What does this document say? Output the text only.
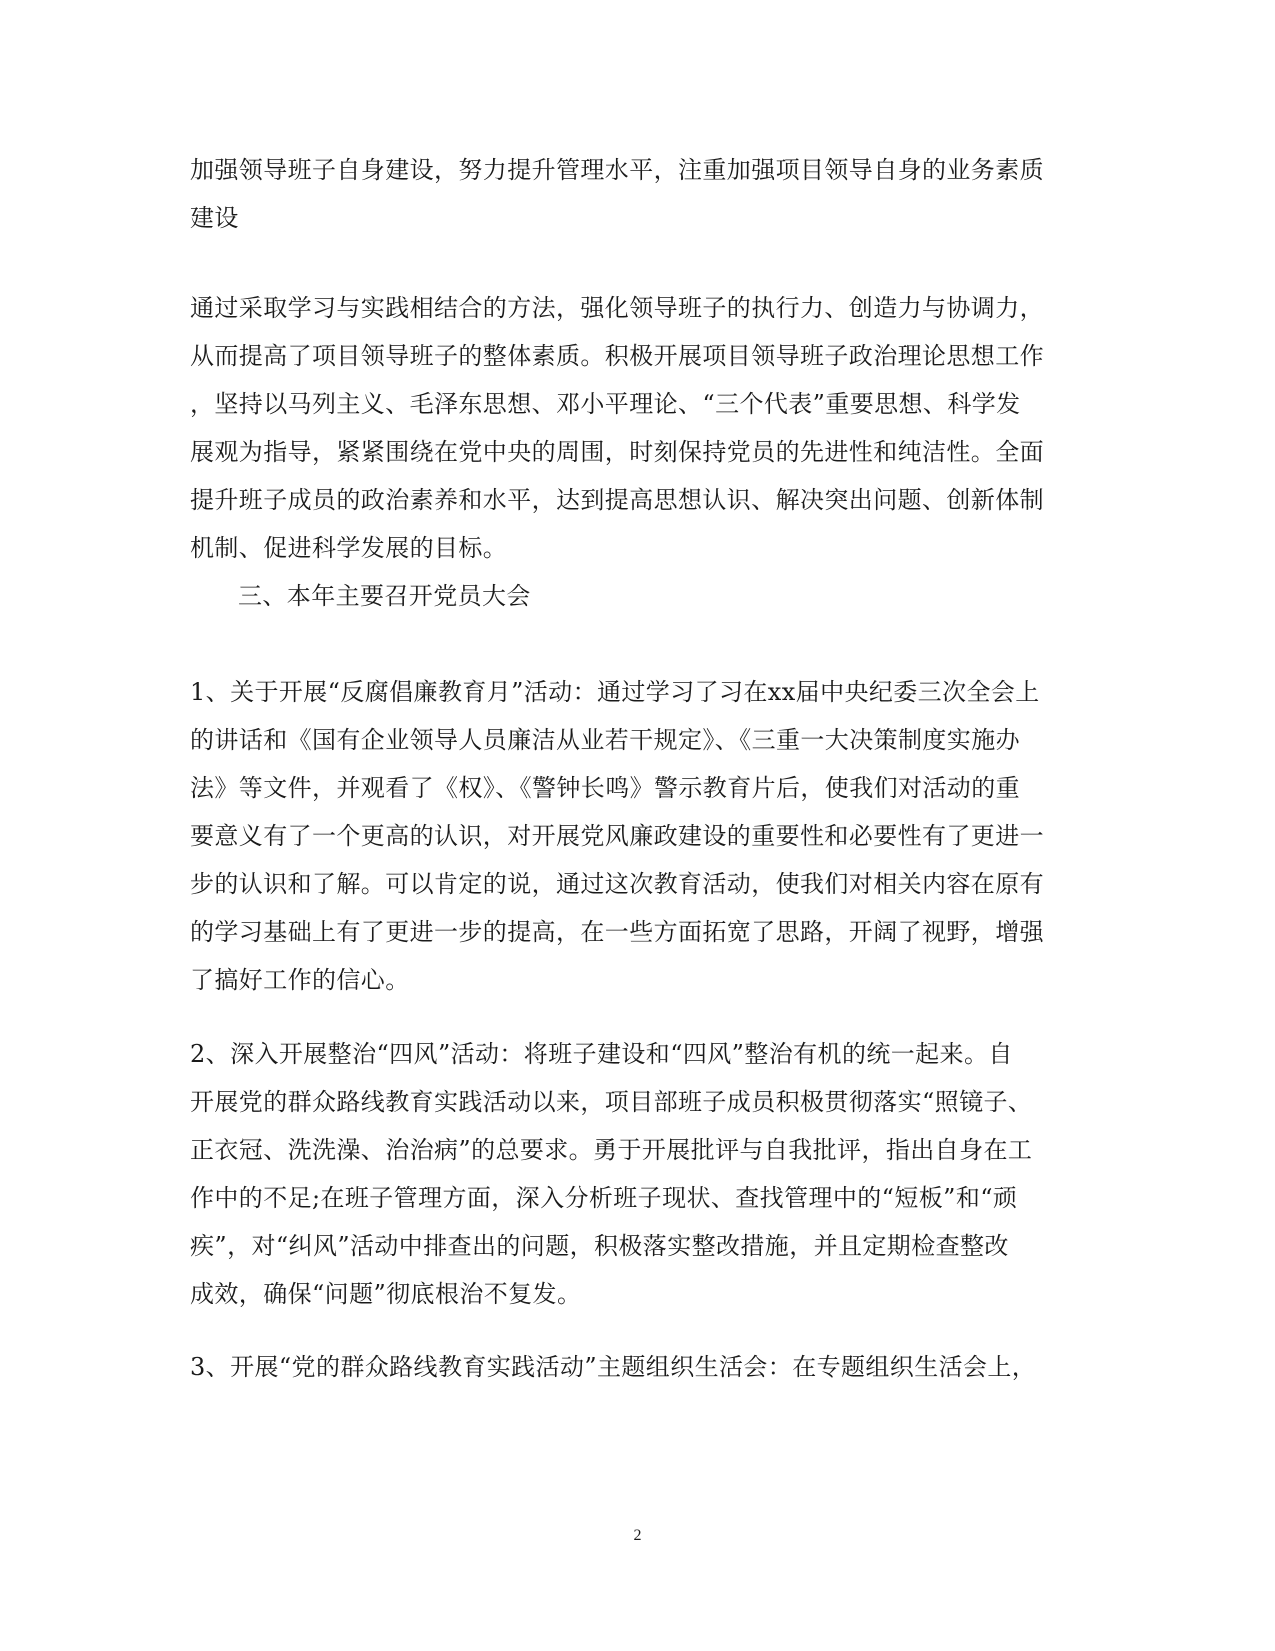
加强领导班子自身建设，努力提升管理水平，注重加强项目领导自身的业务素质
建设
通过采取学习与实践相结合的方法，强化领导班子的执行力、创造力与协调力，
从而提高了项目领导班子的整体素质。积极开展项目领导班子政治理论思想工作
，坚持以马列主义、毛泽东思想、邓小平理论、“三个代表”重要思想、科学发
展观为指导，紧紧围绕在党中央的周围，时刻保持党员的先进性和纯洁性。全面
提升班子成员的政治素养和水平，达到提高思想认识、解决突出问题、创新体制
机制、促进科学发展的目标。
三、本年主要召开党员大会
1、关于开展“反腐倡廉教育月”活动：通过学习了习在xx届中央纪委三次全会上
的讲话和《国有企业领导人员廉洁从业若干规定》、《三重一大决策制度实施办
法》等文件，并观看了《权》、《警钟长鸣》警示教育片后，使我们对活动的重
要意义有了一个更高的认识，对开展党风廉政建设的重要性和必要性有了更进一
步的认识和了解。可以肯定的说，通过这次教育活动，使我们对相关内容在原有
的学习基础上有了更进一步的提高，在一些方面拓宽了思路，开阔了视野，增强
了搞好工作的信心。
2、深入开展整治“四风”活动：将班子建设和“四风”整治有机的统一起来。自
开展党的群众路线教育实践活动以来，项目部班子成员积极贯彻落实“照镜子、
正衣冠、洗洗澡、治治病”的总要求。勇于开展批评与自我批评，指出自身在工
作中的不足;在班子管理方面，深入分析班子现状、查找管理中的“短板”和“顽
疾”，对“纠风”活动中排查出的问题，积极落实整改措施，并且定期检查整改
成效，确保“问题”彻底根治不复发。
3、开展“党的群众路线教育实践活动”主题组织生活会：在专题组织生活会上，
2
